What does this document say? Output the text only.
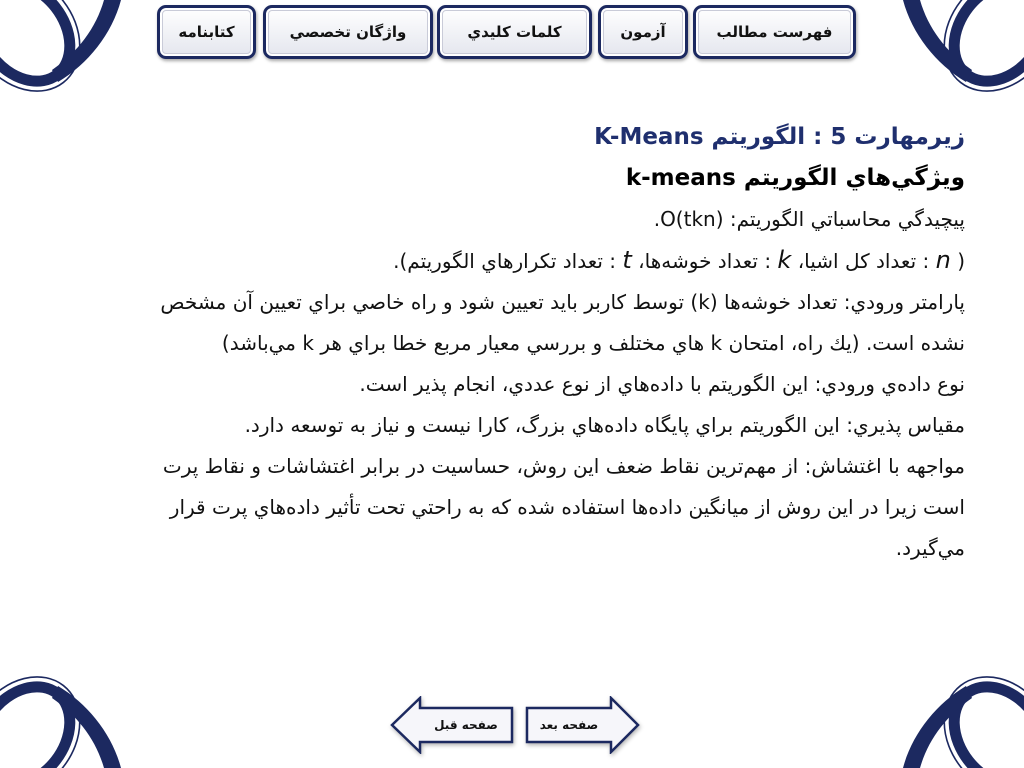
فهرست مطالب
آزمون
كلمات كليدي
واژگان تخصصي
كتابنامه
زيرمهارت 5 : الگوريتم K-Means
ويژگي‌هاي الگوريتم k-means
پيچيدگي محاسباتي الگوريتم: O(tkn).
( n : تعداد كل اشيا، k : تعداد خوشه‌ها، t : تعداد تكرارهاي الگوريتم).
پارامتر ورودي: تعداد خوشه‌ها (k) توسط كاربر بايد تعيين شود و راه خاصي براي تعيين آن مشخص
نشده است. (يك راه، امتحان k هاي مختلف و بررسي معيار مربع خطا براي هر k مي‌باشد)
نوع داده‌ي ورودي: اين الگوريتم با داده‌هاي از نوع عددي، انجام پذير است.
مقياس پذيري: اين الگوريتم براي پايگاه داده‌هاي بزرگ، كارا نيست و نياز به توسعه دارد.
مواجهه با اغتشاش: از مهم‌ترين نقاط ضعف اين روش، حساسيت در برابر اغتشاشات و نقاط پرت
است زيرا در اين روش از ميانگين داده‌ها استفاده شده كه به راحتي تحت تأثير داده‌هاي پرت قرار
مي‌گيرد.
صفحه قبل	صفحه بعد
